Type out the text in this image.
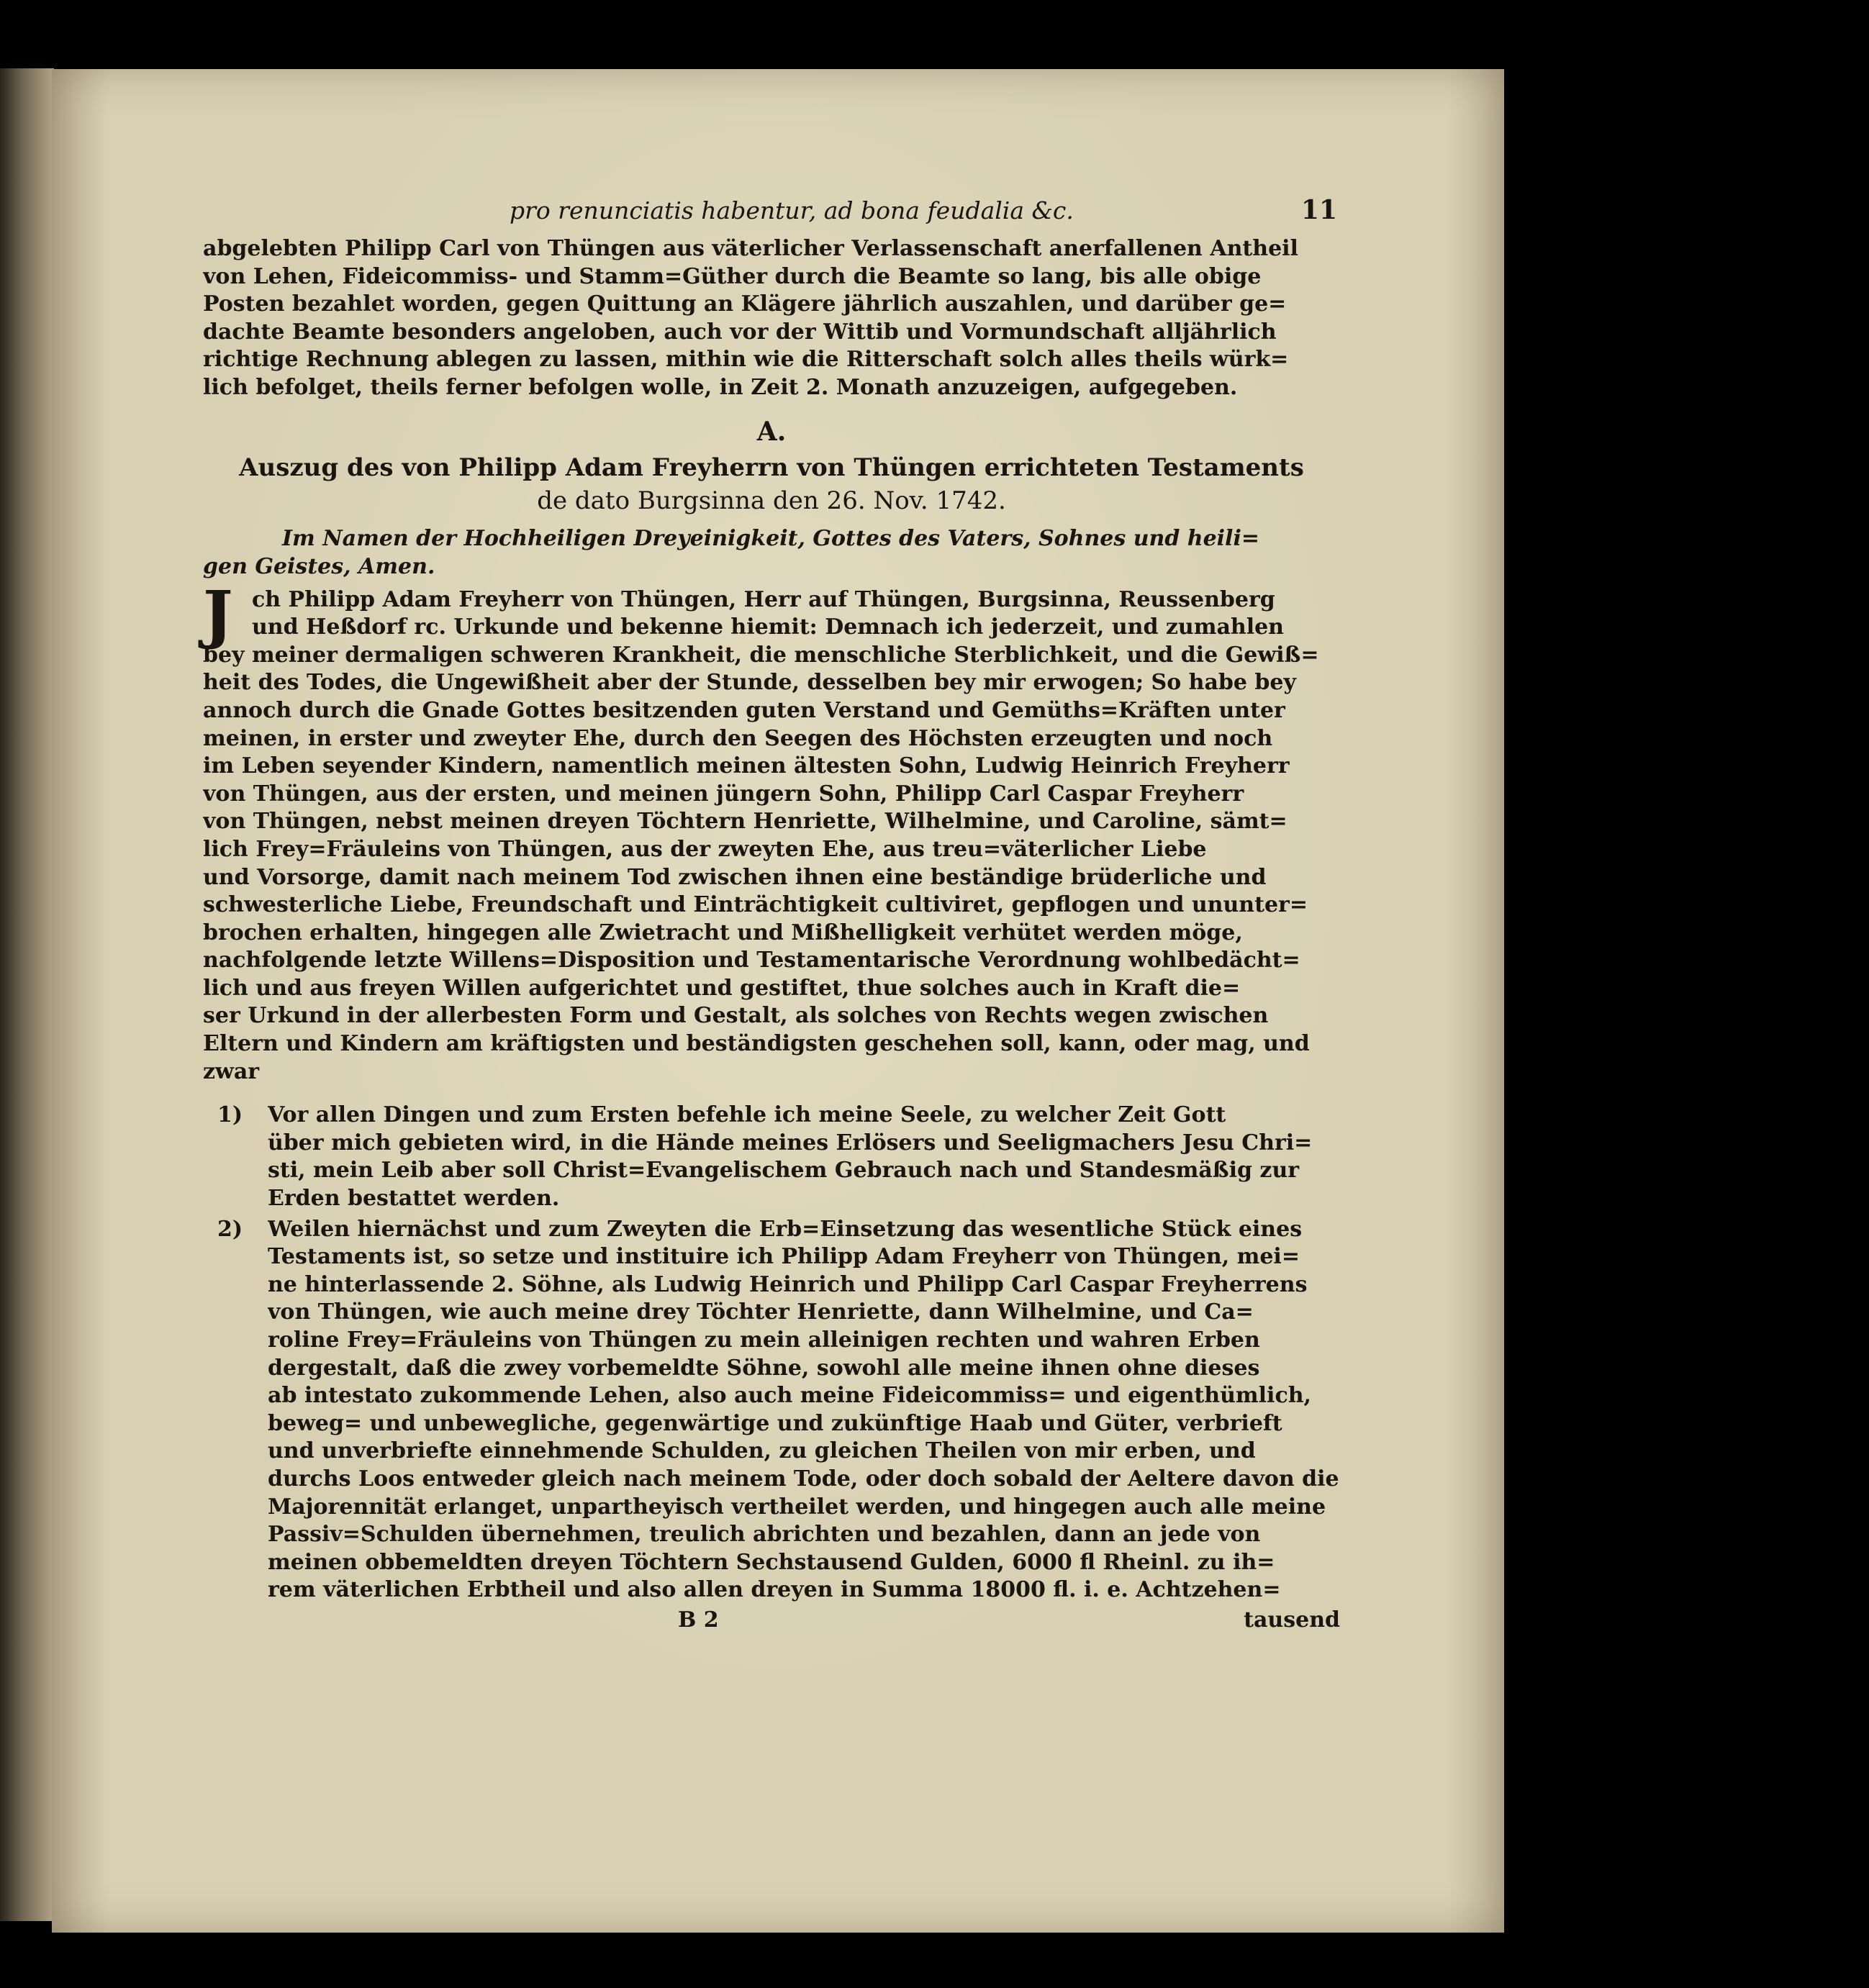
pro renunciatis habentur, ad bona feudalia &c.	11
abgelebten Philipp Carl von Thüngen aus väterlicher Verlassenschaft anerfallenen Antheil
von Lehen, Fideicommiss- und Stamm=Güther durch die Beamte so lang, bis alle obige
Posten bezahlet worden, gegen Quittung an Klägere jährlich auszahlen, und darüber ge=
dachte Beamte besonders angeloben, auch vor der Wittib und Vormundschaft alljährlich
richtige Rechnung ablegen zu lassen, mithin wie die Ritterschaft solch alles theils würk=
lich befolget, theils ferner befolgen wolle, in Zeit 2. Monath anzuzeigen, aufgegeben.
A.
Auszug des von Philipp Adam Freyherrn von Thüngen errichteten Testaments
de dato Burgsinna den 26. Nov. 1742.
Im Namen der Hochheiligen Dreyeinigkeit, Gottes des Vaters, Sohnes und heili=
gen Geistes, Amen.
J ch Philipp Adam Freyherr von Thüngen, Herr auf Thüngen, Burgsinna, Reussenberg
und Heßdorf rc. Urkunde und bekenne hiemit: Demnach ich jederzeit, und zumahlen
bey meiner dermaligen schweren Krankheit, die menschliche Sterblichkeit, und die Gewiß=
heit des Todes, die Ungewißheit aber der Stunde, desselben bey mir erwogen; So habe bey
annoch durch die Gnade Gottes besitzenden guten Verstand und Gemüths=Kräften unter
meinen, in erster und zweyter Ehe, durch den Seegen des Höchsten erzeugten und noch
im Leben seyender Kindern, namentlich meinen ältesten Sohn, Ludwig Heinrich Freyherr
von Thüngen, aus der ersten, und meinen jüngern Sohn, Philipp Carl Caspar Freyherr
von Thüngen, nebst meinen dreyen Töchtern Henriette, Wilhelmine, und Caroline, sämt=
lich Frey=Fräuleins von Thüngen, aus der zweyten Ehe, aus treu=väterlicher Liebe
und Vorsorge, damit nach meinem Tod zwischen ihnen eine beständige brüderliche und
schwesterliche Liebe, Freundschaft und Einträchtigkeit cultiviret, gepflogen und ununter=
brochen erhalten, hingegen alle Zwietracht und Mißhelligkeit verhütet werden möge,
nachfolgende letzte Willens=Disposition und Testamentarische Verordnung wohlbedächt=
lich und aus freyen Willen aufgerichtet und gestiftet, thue solches auch in Kraft die=
ser Urkund in der allerbesten Form und Gestalt, als solches von Rechts wegen zwischen
Eltern und Kindern am kräftigsten und beständigsten geschehen soll, kann, oder mag, und
zwar
1)	Vor allen Dingen und zum Ersten befehle ich meine Seele, zu welcher Zeit Gott
über mich gebieten wird, in die Hände meines Erlösers und Seeligmachers Jesu Chri=
sti, mein Leib aber soll Christ=Evangelischem Gebrauch nach und Standesmäßig zur
Erden bestattet werden.
2)	Weilen hiernächst und zum Zweyten die Erb=Einsetzung das wesentliche Stück eines
Testaments ist, so setze und instituire ich Philipp Adam Freyherr von Thüngen, mei=
ne hinterlassende 2. Söhne, als Ludwig Heinrich und Philipp Carl Caspar Freyherrens
von Thüngen, wie auch meine drey Töchter Henriette, dann Wilhelmine, und Ca=
roline Frey=Fräuleins von Thüngen zu mein alleinigen rechten und wahren Erben
dergestalt, daß die zwey vorbemeldte Söhne, sowohl alle meine ihnen ohne dieses
ab intestato zukommende Lehen, also auch meine Fideicommiss= und eigenthümlich,
beweg= und unbewegliche, gegenwärtige und zukünftige Haab und Güter, verbrieft
und unverbriefte einnehmende Schulden, zu gleichen Theilen von mir erben, und
durchs Loos entweder gleich nach meinem Tode, oder doch sobald der Aeltere davon die
Majorennität erlanget, unpartheyisch vertheilet werden, und hingegen auch alle meine
Passiv=Schulden übernehmen, treulich abrichten und bezahlen, dann an jede von
meinen obbemeldten dreyen Töchtern Sechstausend Gulden, 6000 fl Rheinl. zu ih=
rem väterlichen Erbtheil und also allen dreyen in Summa 18000 fl. i. e. Achtzehen=
B 2	tausend
